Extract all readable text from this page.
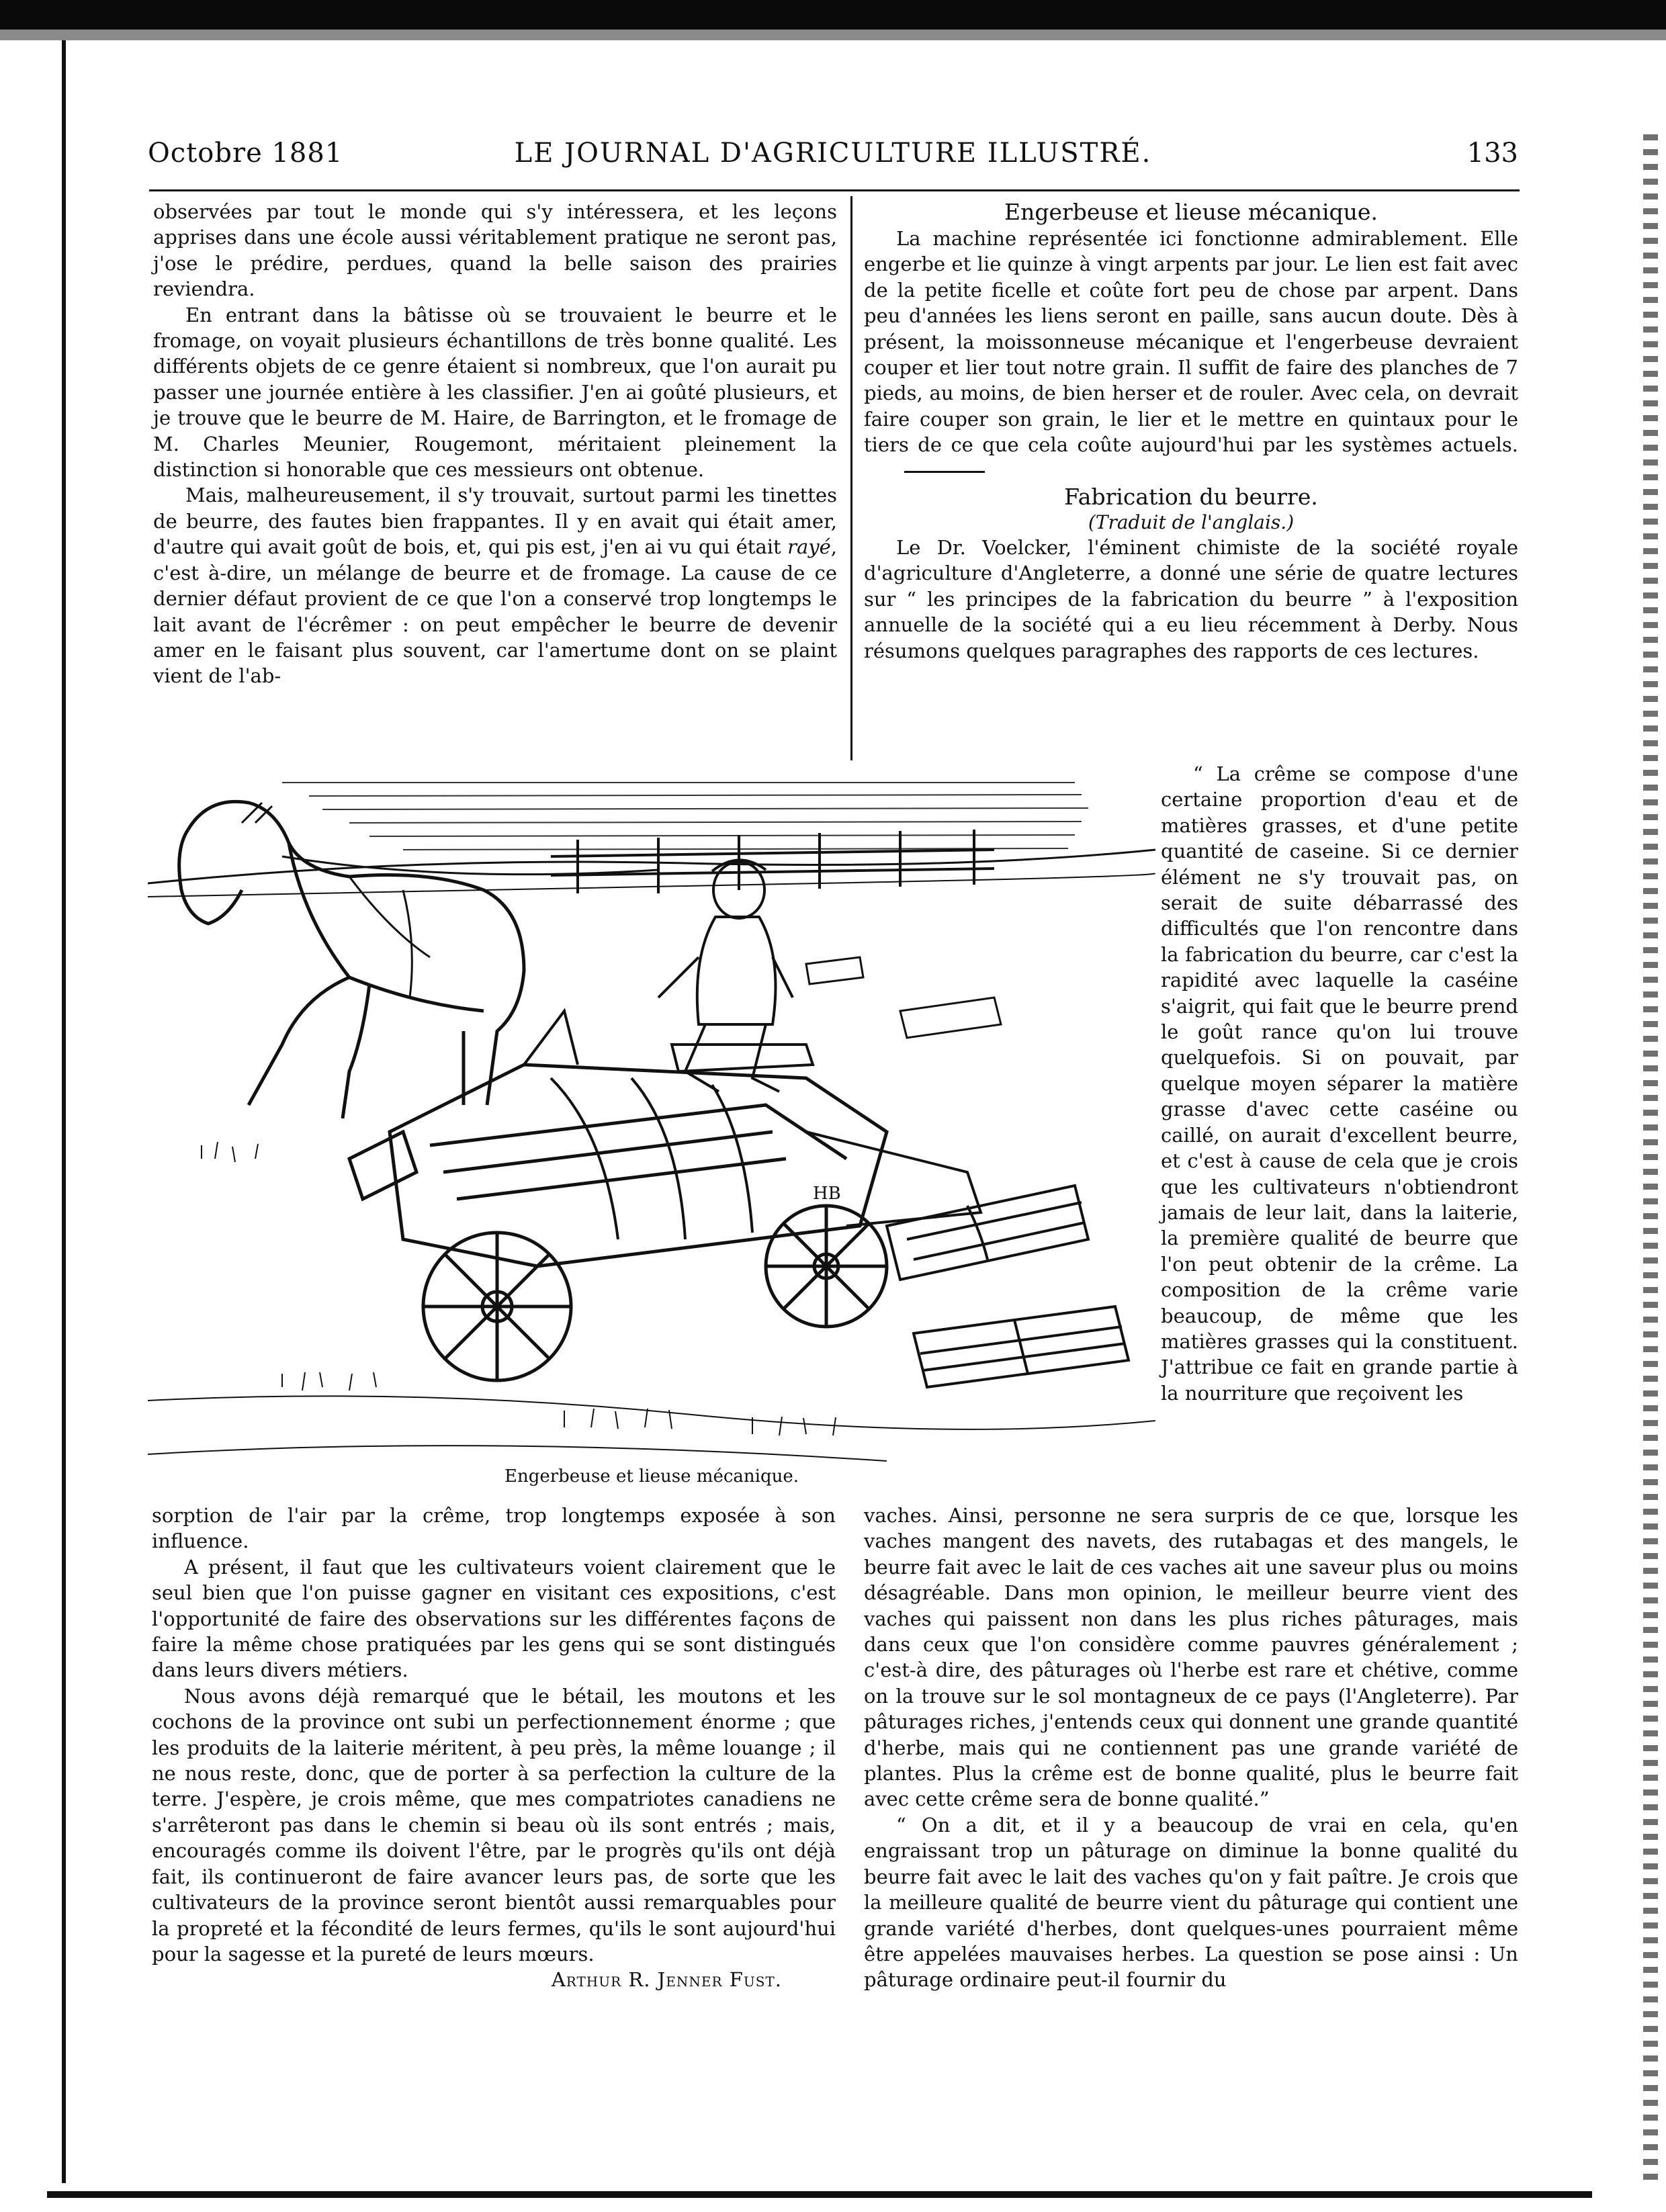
Octobre 1881	LE JOURNAL D'AGRICULTURE ILLUSTRÉ.	133

observées par tout le monde qui s'y intéressera, et les leçons apprises dans une école aussi véritablement pratique ne seront pas, j'ose le prédire, perdues, quand la belle saison des prairies reviendra.

En entrant dans la bâtisse où se trouvaient le beurre et le fromage, on voyait plusieurs échantillons de très bonne qualité. Les différents objets de ce genre étaient si nombreux, que l'on aurait pu passer une journée entière à les classifier. J'en ai goûté plusieurs, et je trouve que le beurre de M. Haire, de Barrington, et le fromage de M. Charles Meunier, Rougemont, méritaient pleinement la distinction si honorable que ces messieurs ont obtenue.

Mais, malheureusement, il s'y trouvait, surtout parmi les tinettes de beurre, des fautes bien frappantes. Il y en avait qui était amer, d'autre qui avait goût de bois, et, qui pis est, j'en ai vu qui était rayé, c'est à-dire, un mélange de beurre et de fromage. La cause de ce dernier défaut provient de ce que l'on a conservé trop longtemps le lait avant de l'écrêmer : on peut empêcher le beurre de devenir amer en le faisant plus souvent, car l'amertume dont on se plaint vient de l'ab-

Engerbeuse et lieuse mécanique.

La machine représentée ici fonctionne admirablement. Elle engerbe et lie quinze à vingt arpents par jour. Le lien est fait avec de la petite ficelle et coûte fort peu de chose par arpent. Dans peu d'années les liens seront en paille, sans aucun doute. Dès à présent, la moissonneuse mécanique et l'engerbeuse devraient couper et lier tout notre grain. Il suffit de faire des planches de 7 pieds, au moins, de bien herser et de rouler. Avec cela, on devrait faire couper son grain, le lier et le mettre en quintaux pour le tiers de ce que cela coûte aujourd'hui par les systèmes actuels.

Fabrication du beurre.

(Traduit de l'anglais.)

Le Dr. Voelcker, l'éminent chimiste de la société royale d'agriculture d'Angleterre, a donné une série de quatre lectures sur “ les principes de la fabrication du beurre ” à l'exposition annuelle de la société qui a eu lieu récemment à Derby. Nous résumons quelques paragraphes des rapports de ces lectures.

“ La crême se compose d'une certaine proportion d'eau et de matières grasses, et d'une petite quantité de caseine. Si ce dernier élément ne s'y trouvait pas, on serait de suite débarrassé des difficultés que l'on rencontre dans la fabrication du beurre, car c'est la rapidité avec laquelle la caséine s'aigrit, qui fait que le beurre prend le goût rance qu'on lui trouve quelquefois. Si on pouvait, par quelque moyen séparer la matière grasse d'avec cette caséine ou caillé, on aurait d'excellent beurre, et c'est à cause de cela que je crois que les cultivateurs n'obtiendront jamais de leur lait, dans la laiterie, la première qualité de beurre que l'on peut obtenir de la crême. La composition de la crême varie beaucoup, de même que les matières grasses qui la constituent. J'attribue ce fait en grande partie à la nourriture que reçoivent les

HB
Engerbeuse et lieuse mécanique.

sorption de l'air par la crême, trop longtemps exposée à son influence.

A présent, il faut que les cultivateurs voient clairement que le seul bien que l'on puisse gagner en visitant ces expositions, c'est l'opportunité de faire des observations sur les différentes façons de faire la même chose pratiquées par les gens qui se sont distingués dans leurs divers métiers.

Nous avons déjà remarqué que le bétail, les moutons et les cochons de la province ont subi un perfectionnement énorme ; que les produits de la laiterie méritent, à peu près, la même louange ; il ne nous reste, donc, que de porter à sa perfection la culture de la terre. J'espère, je crois même, que mes compatriotes canadiens ne s'arrêteront pas dans le chemin si beau où ils sont entrés ; mais, encouragés comme ils doivent l'être, par le progrès qu'ils ont déjà fait, ils continueront de faire avancer leurs pas, de sorte que les cultivateurs de la province seront bientôt aussi remarquables pour la propreté et la fécondité de leurs fermes, qu'ils le sont aujourd'hui pour la sagesse et la pureté de leurs mœurs.

Arthur R. Jenner Fust.

vaches. Ainsi, personne ne sera surpris de ce que, lorsque les vaches mangent des navets, des rutabagas et des mangels, le beurre fait avec le lait de ces vaches ait une saveur plus ou moins désagréable. Dans mon opinion, le meilleur beurre vient des vaches qui paissent non dans les plus riches pâturages, mais dans ceux que l'on considère comme pauvres généralement ; c'est-à dire, des pâturages où l'herbe est rare et chétive, comme on la trouve sur le sol montagneux de ce pays (l'Angleterre). Par pâturages riches, j'entends ceux qui donnent une grande quantité d'herbe, mais qui ne contiennent pas une grande variété de plantes. Plus la crême est de bonne qualité, plus le beurre fait avec cette crême sera de bonne qualité.”

“ On a dit, et il y a beaucoup de vrai en cela, qu'en engraissant trop un pâturage on diminue la bonne qualité du beurre fait avec le lait des vaches qu'on y fait paître. Je crois que la meilleure qualité de beurre vient du pâturage qui contient une grande variété d'herbes, dont quelques-unes pourraient même être appelées mauvaises herbes. La question se pose ainsi : Un pâturage ordinaire peut-il fournir du
